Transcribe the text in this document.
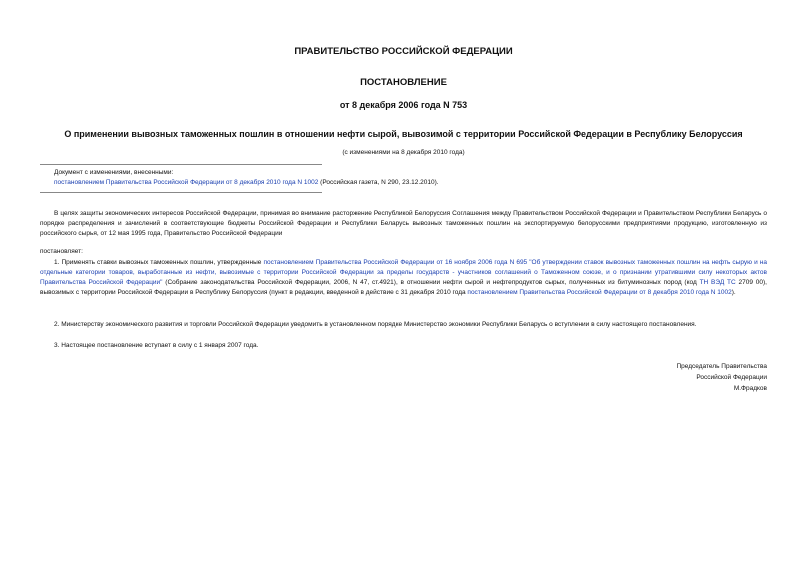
ПРАВИТЕЛЬСТВО РОССИЙСКОЙ ФЕДЕРАЦИИ
ПОСТАНОВЛЕНИЕ
от 8 декабря 2006 года N 753
О применении вывозных таможенных пошлин в отношении нефти сырой, вывозимой с территории Российской Федерации в Республику Белоруссия
(с изменениями на 8 декабря 2010 года)
Документ с изменениями, внесенными:
постановлением Правительства Российской Федерации от 8 декабря 2010 года N 1002 (Российская газета, N 290, 23.12.2010).
В целях защиты экономических интересов Российской Федерации, принимая во внимание расторжение Республикой Белоруссия Соглашения между Правительством Российской Федерации и Правительством Республики Беларусь о порядке распределения и зачислений в соответствующие бюджеты Российской Федерации и Республики Беларусь вывозных таможенных пошлин на экспортируемую белорусскими предприятиями продукцию, изготовленную из российского сырья, от 12 мая 1995 года, Правительство Российской Федерации
постановляет:
1. Применять ставки вывозных таможенных пошлин, утвержденные постановлением Правительства Российской Федерации от 16 ноября 2006 года N 695 "Об утверждении ставок вывозных таможенных пошлин на нефть сырую и на отдельные категории товаров, выработанные из нефти, вывозимые с территории Российской Федерации за пределы государств - участников соглашений о Таможенном союзе, и о признании утратившими силу некоторых актов Правительства Российской Федерации" (Собрание законодательства Российской Федерации, 2006, N 47, ст.4921), в отношении нефти сырой и нефтепродуктов сырых, полученных из битуминозных пород (код ТН ВЭД ТС 2709 00), вывозимых с территории Российской Федерации в Республику Белоруссия (пункт в редакции, введенной в действие с 31 декабря 2010 года постановлением Правительства Российской Федерации от 8 декабря 2010 года N 1002).
2. Министерству экономического развития и торговли Российской Федерации уведомить в установленном порядке Министерство экономики Республики Беларусь о вступлении в силу настоящего постановления.
3. Настоящее постановление вступает в силу с 1 января 2007 года.
Председатель Правительства
Российской Федерации
М.Фрадков
